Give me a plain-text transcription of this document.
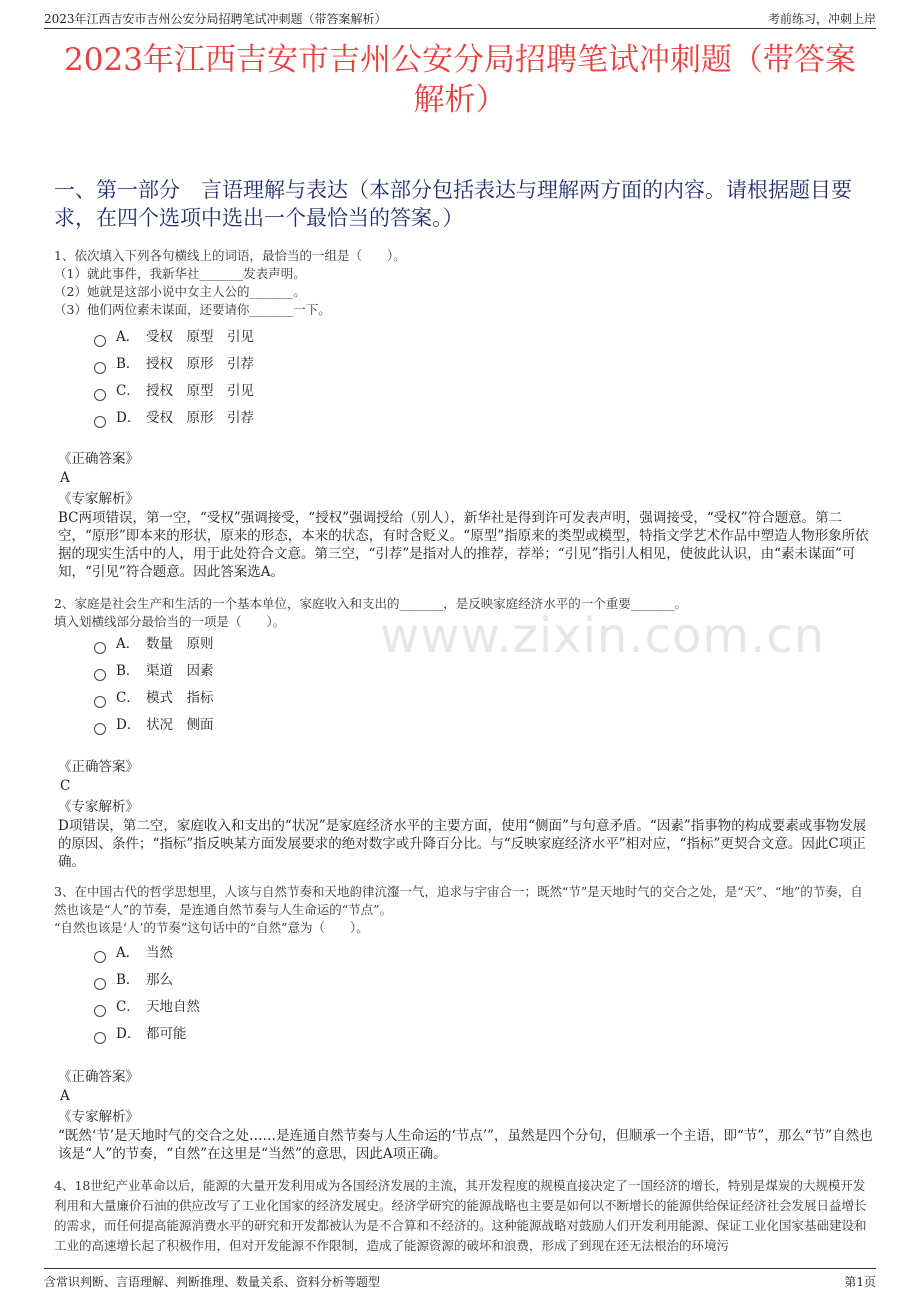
2023年江西吉安市吉州公安分局招聘笔试冲刺题（带答案解析）	考前练习，冲刺上岸
2023年江西吉安市吉州公安分局招聘笔试冲刺题（带答案解析）
一、第一部分　言语理解与表达（本部分包括表达与理解两方面的内容。请根据题目要求，在四个选项中选出一个最恰当的答案。）
1、依次填入下列各句横线上的词语，最恰当的一组是（　　）。
（1）就此事件，我新华社_______发表声明。
（2）她就是这部小说中女主人公的_______。
（3）他们两位素未谋面，还要请你_______一下。
A． 受权　原型　引见
B． 授权　原形　引荐
C． 授权　原型　引见
D． 受权　原形　引荐
《正确答案》
A
《专家解析》
BC两项错误，第一空，“受权”强调接受，“授权”强调授给（别人），新华社是得到许可发表声明，强调接受，“受权”符合题意。第二空，“原形”即本来的形状，原来的形态，本来的状态，有时含贬义。“原型”指原来的类型或模型，特指文学艺术作品中塑造人物形象所依据的现实生活中的人，用于此处符合文意。第三空，“引荐”是指对人的推荐，荐举；“引见”指引人相见，使彼此认识，由“素未谋面”可知，“引见”符合题意。因此答案选A。
2、家庭是社会生产和生活的一个基本单位，家庭收入和支出的_______，是反映家庭经济水平的一个重要_______。
填入划横线部分最恰当的一项是（　　）。
A． 数量　原则
B． 渠道　因素
C． 模式　指标
D． 状况　侧面
《正确答案》
C
《专家解析》
D项错误，第二空，家庭收入和支出的“状况”是家庭经济水平的主要方面，使用“侧面”与句意矛盾。“因素”指事物的构成要素或事物发展的原因、条件；“指标”指反映某方面发展要求的绝对数字或升降百分比。与“反映家庭经济水平”相对应，“指标”更契合文意。因此C项正确。
3、在中国古代的哲学思想里，人该与自然节奏和天地韵律沆瀣一气，追求与宇宙合一；既然“节”是天地时气的交合之处，是“天”、“地”的节奏，自然也该是“人”的节奏，是连通自然节奏与人生命运的“节点”。
“自然也该是‘人’的节奏”这句话中的“自然”意为（　　）。
A． 当然
B． 那么
C． 天地自然
D． 都可能
《正确答案》
A
《专家解析》
“既然‘节’是天地时气的交合之处……是连通自然节奏与人生命运的‘节点’”，虽然是四个分句，但顺承一个主语，即“节”，那么“节”自然也该是“人”的节奏，“自然”在这里是“当然”的意思，因此A项正确。
4、18世纪产业革命以后，能源的大量开发利用成为各国经济发展的主流，其开发程度的规模直接决定了一国经济的增长，特别是煤炭的大规模开发利用和大量廉价石油的供应改写了工业化国家的经济发展史。经济学研究的能源战略也主要是如何以不断增长的能源供给保证经济社会发展日益增长的需求，而任何提高能源消费水平的研究和开发都被认为是不合算和不经济的。这种能源战略对鼓励人们开发利用能源、保证工业化国家基础建设和工业的高速增长起了积极作用，但对开发能源不作限制，造成了能源资源的破坏和浪费，形成了到现在还无法根治的环境污
www.zixin.com.cn
含常识判断、言语理解、判断推理、数量关系、资料分析等题型	第1页
